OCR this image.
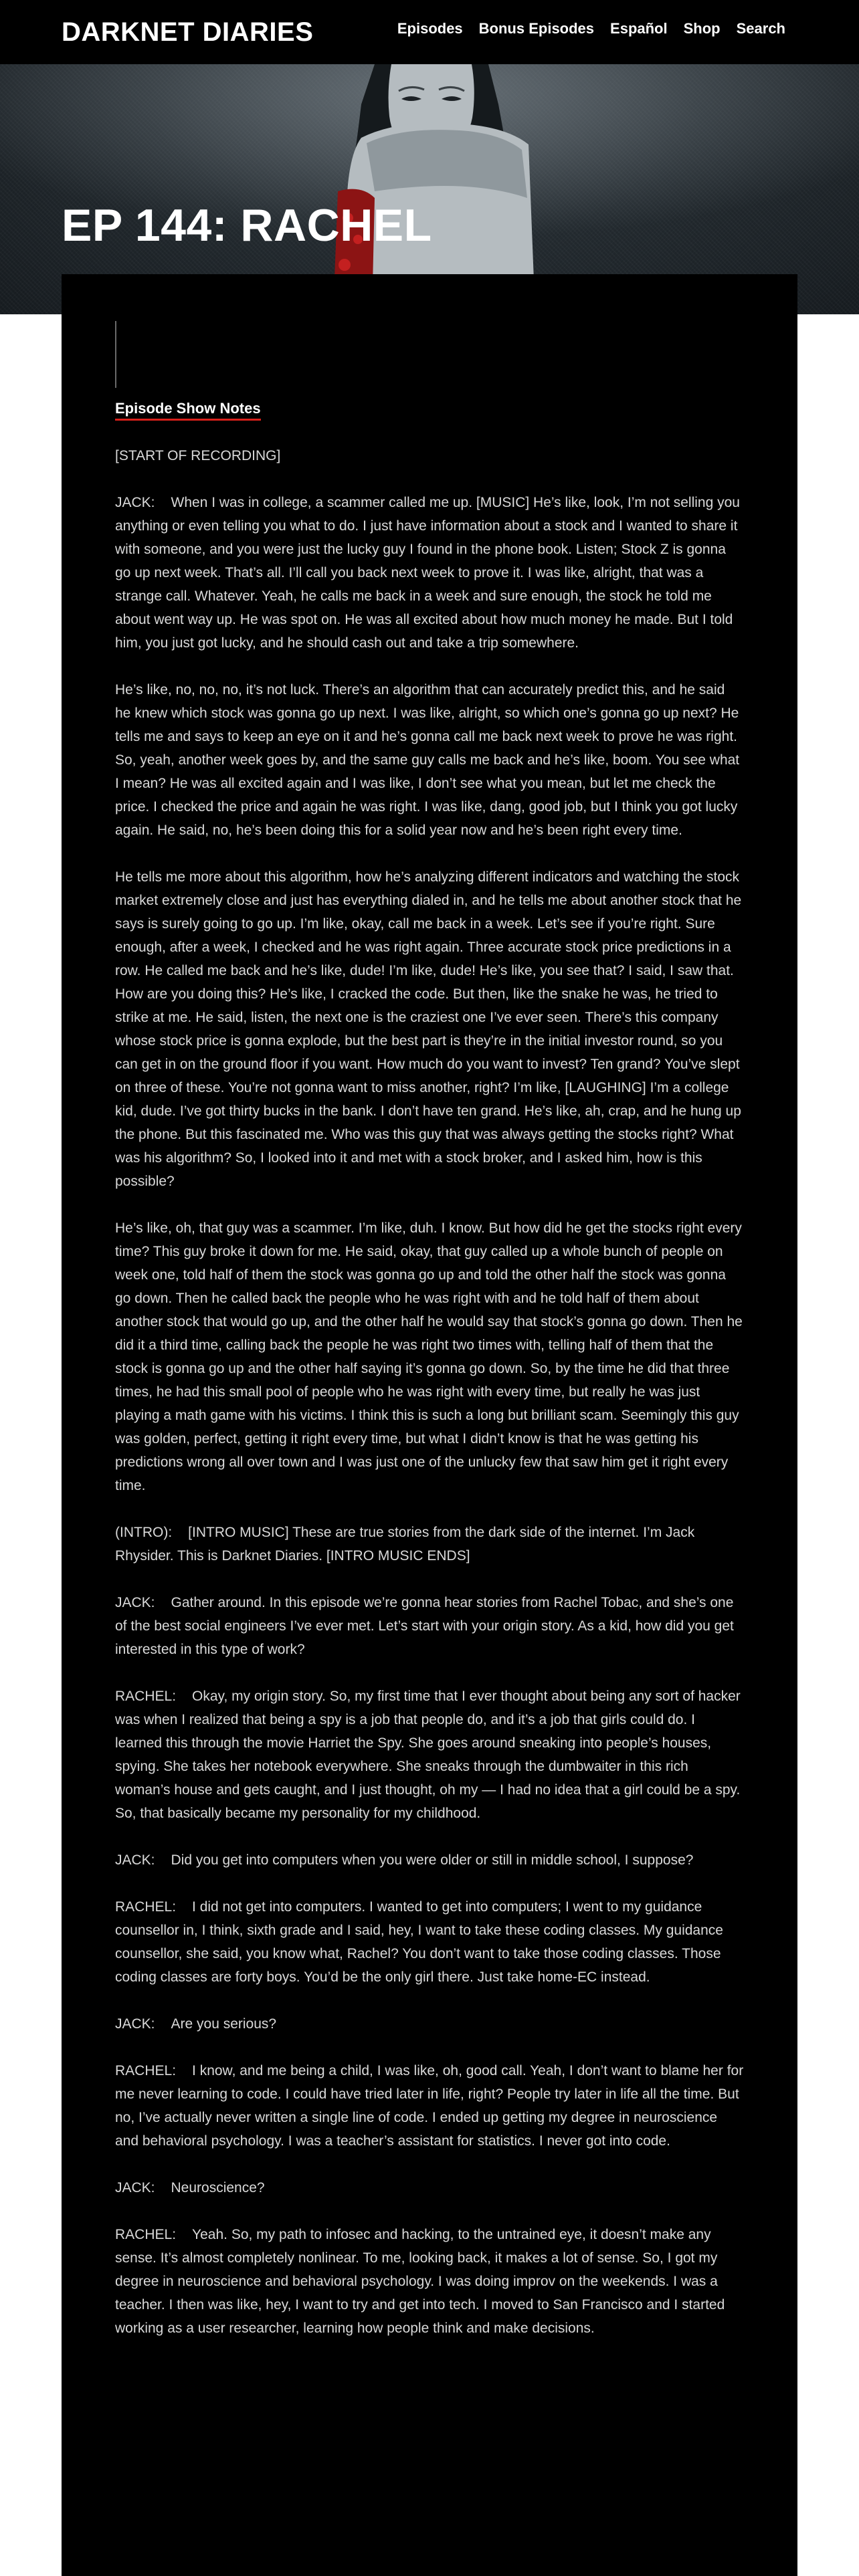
DARKNET DIARIES	Episodes Bonus Episodes Español Shop Search
EP 144: RACHEL

Episode Show Notes

[START OF RECORDING]

JACK: When I was in college, a scammer called me up. [MUSIC] He’s like, look, I’m not selling you anything or even telling you what to do. I just have information about a stock and I wanted to share it with someone, and you were just the lucky guy I found in the phone book. Listen; Stock Z is gonna go up next week. That’s all. I’ll call you back next week to prove it. I was like, alright, that was a strange call. Whatever. Yeah, he calls me back in a week and sure enough, the stock he told me about went way up. He was spot on. He was all excited about how much money he made. But I told him, you just got lucky, and he should cash out and take a trip somewhere.

He’s like, no, no, no, it’s not luck. There’s an algorithm that can accurately predict this, and he said he knew which stock was gonna go up next. I was like, alright, so which one’s gonna go up next? He tells me and says to keep an eye on it and he’s gonna call me back next week to prove he was right. So, yeah, another week goes by, and the same guy calls me back and he’s like, boom. You see what I mean? He was all excited again and I was like, I don’t see what you mean, but let me check the price. I checked the price and again he was right. I was like, dang, good job, but I think you got lucky again. He said, no, he’s been doing this for a solid year now and he’s been right every time.

He tells me more about this algorithm, how he’s analyzing different indicators and watching the stock market extremely close and just has everything dialed in, and he tells me about another stock that he says is surely going to go up. I’m like, okay, call me back in a week. Let’s see if you’re right. Sure enough, after a week, I checked and he was right again. Three accurate stock price predictions in a row. He called me back and he’s like, dude! I’m like, dude! He’s like, you see that? I said, I saw that. How are you doing this? He’s like, I cracked the code. But then, like the snake he was, he tried to strike at me. He said, listen, the next one is the craziest one I’ve ever seen. There’s this company whose stock price is gonna explode, but the best part is they’re in the initial investor round, so you can get in on the ground floor if you want. How much do you want to invest? Ten grand? You’ve slept on three of these. You’re not gonna want to miss another, right? I’m like, [LAUGHING] I’m a college kid, dude. I’ve got thirty bucks in the bank. I don’t have ten grand. He’s like, ah, crap, and he hung up the phone. But this fascinated me. Who was this guy that was always getting the stocks right? What was his algorithm? So, I looked into it and met with a stock broker, and I asked him, how is this possible?

He’s like, oh, that guy was a scammer. I’m like, duh. I know. But how did he get the stocks right every time? This guy broke it down for me. He said, okay, that guy called up a whole bunch of people on week one, told half of them the stock was gonna go up and told the other half the stock was gonna go down. Then he called back the people who he was right with and he told half of them about another stock that would go up, and the other half he would say that stock’s gonna go down. Then he did it a third time, calling back the people he was right two times with, telling half of them that the stock is gonna go up and the other half saying it’s gonna go down. So, by the time he did that three times, he had this small pool of people who he was right with every time, but really he was just playing a math game with his victims. I think this is such a long but brilliant scam. Seemingly this guy was golden, perfect, getting it right every time, but what I didn’t know is that he was getting his predictions wrong all over town and I was just one of the unlucky few that saw him get it right every time.

(INTRO): [INTRO MUSIC] These are true stories from the dark side of the internet. I’m Jack Rhysider. This is Darknet Diaries. [INTRO MUSIC ENDS]

JACK: Gather around. In this episode we’re gonna hear stories from Rachel Tobac, and she’s one of the best social engineers I’ve ever met. Let’s start with your origin story. As a kid, how did you get interested in this type of work?

RACHEL: Okay, my origin story. So, my first time that I ever thought about being any sort of hacker was when I realized that being a spy is a job that people do, and it’s a job that girls could do. I learned this through the movie Harriet the Spy. She goes around sneaking into people’s houses, spying. She takes her notebook everywhere. She sneaks through the dumbwaiter in this rich woman’s house and gets caught, and I just thought, oh my — I had no idea that a girl could be a spy. So, that basically became my personality for my childhood.

JACK: Did you get into computers when you were older or still in middle school, I suppose?

RACHEL: I did not get into computers. I wanted to get into computers; I went to my guidance counsellor in, I think, sixth grade and I said, hey, I want to take these coding classes. My guidance counsellor, she said, you know what, Rachel? You don’t want to take those coding classes. Those coding classes are forty boys. You’d be the only girl there. Just take home-EC instead.

JACK: Are you serious?

RACHEL: I know, and me being a child, I was like, oh, good call. Yeah, I don’t want to blame her for me never learning to code. I could have tried later in life, right? People try later in life all the time. But no, I’ve actually never written a single line of code. I ended up getting my degree in neuroscience and behavioral psychology. I was a teacher’s assistant for statistics. I never got into code.

JACK: Neuroscience?

RACHEL: Yeah. So, my path to infosec and hacking, to the untrained eye, it doesn’t make any sense. It’s almost completely nonlinear. To me, looking back, it makes a lot of sense. So, I got my degree in neuroscience and behavioral psychology. I was doing improv on the weekends. I was a teacher. I then was like, hey, I want to try and get into tech. I moved to San Francisco and I started working as a user researcher, learning how people think and make decisions.
